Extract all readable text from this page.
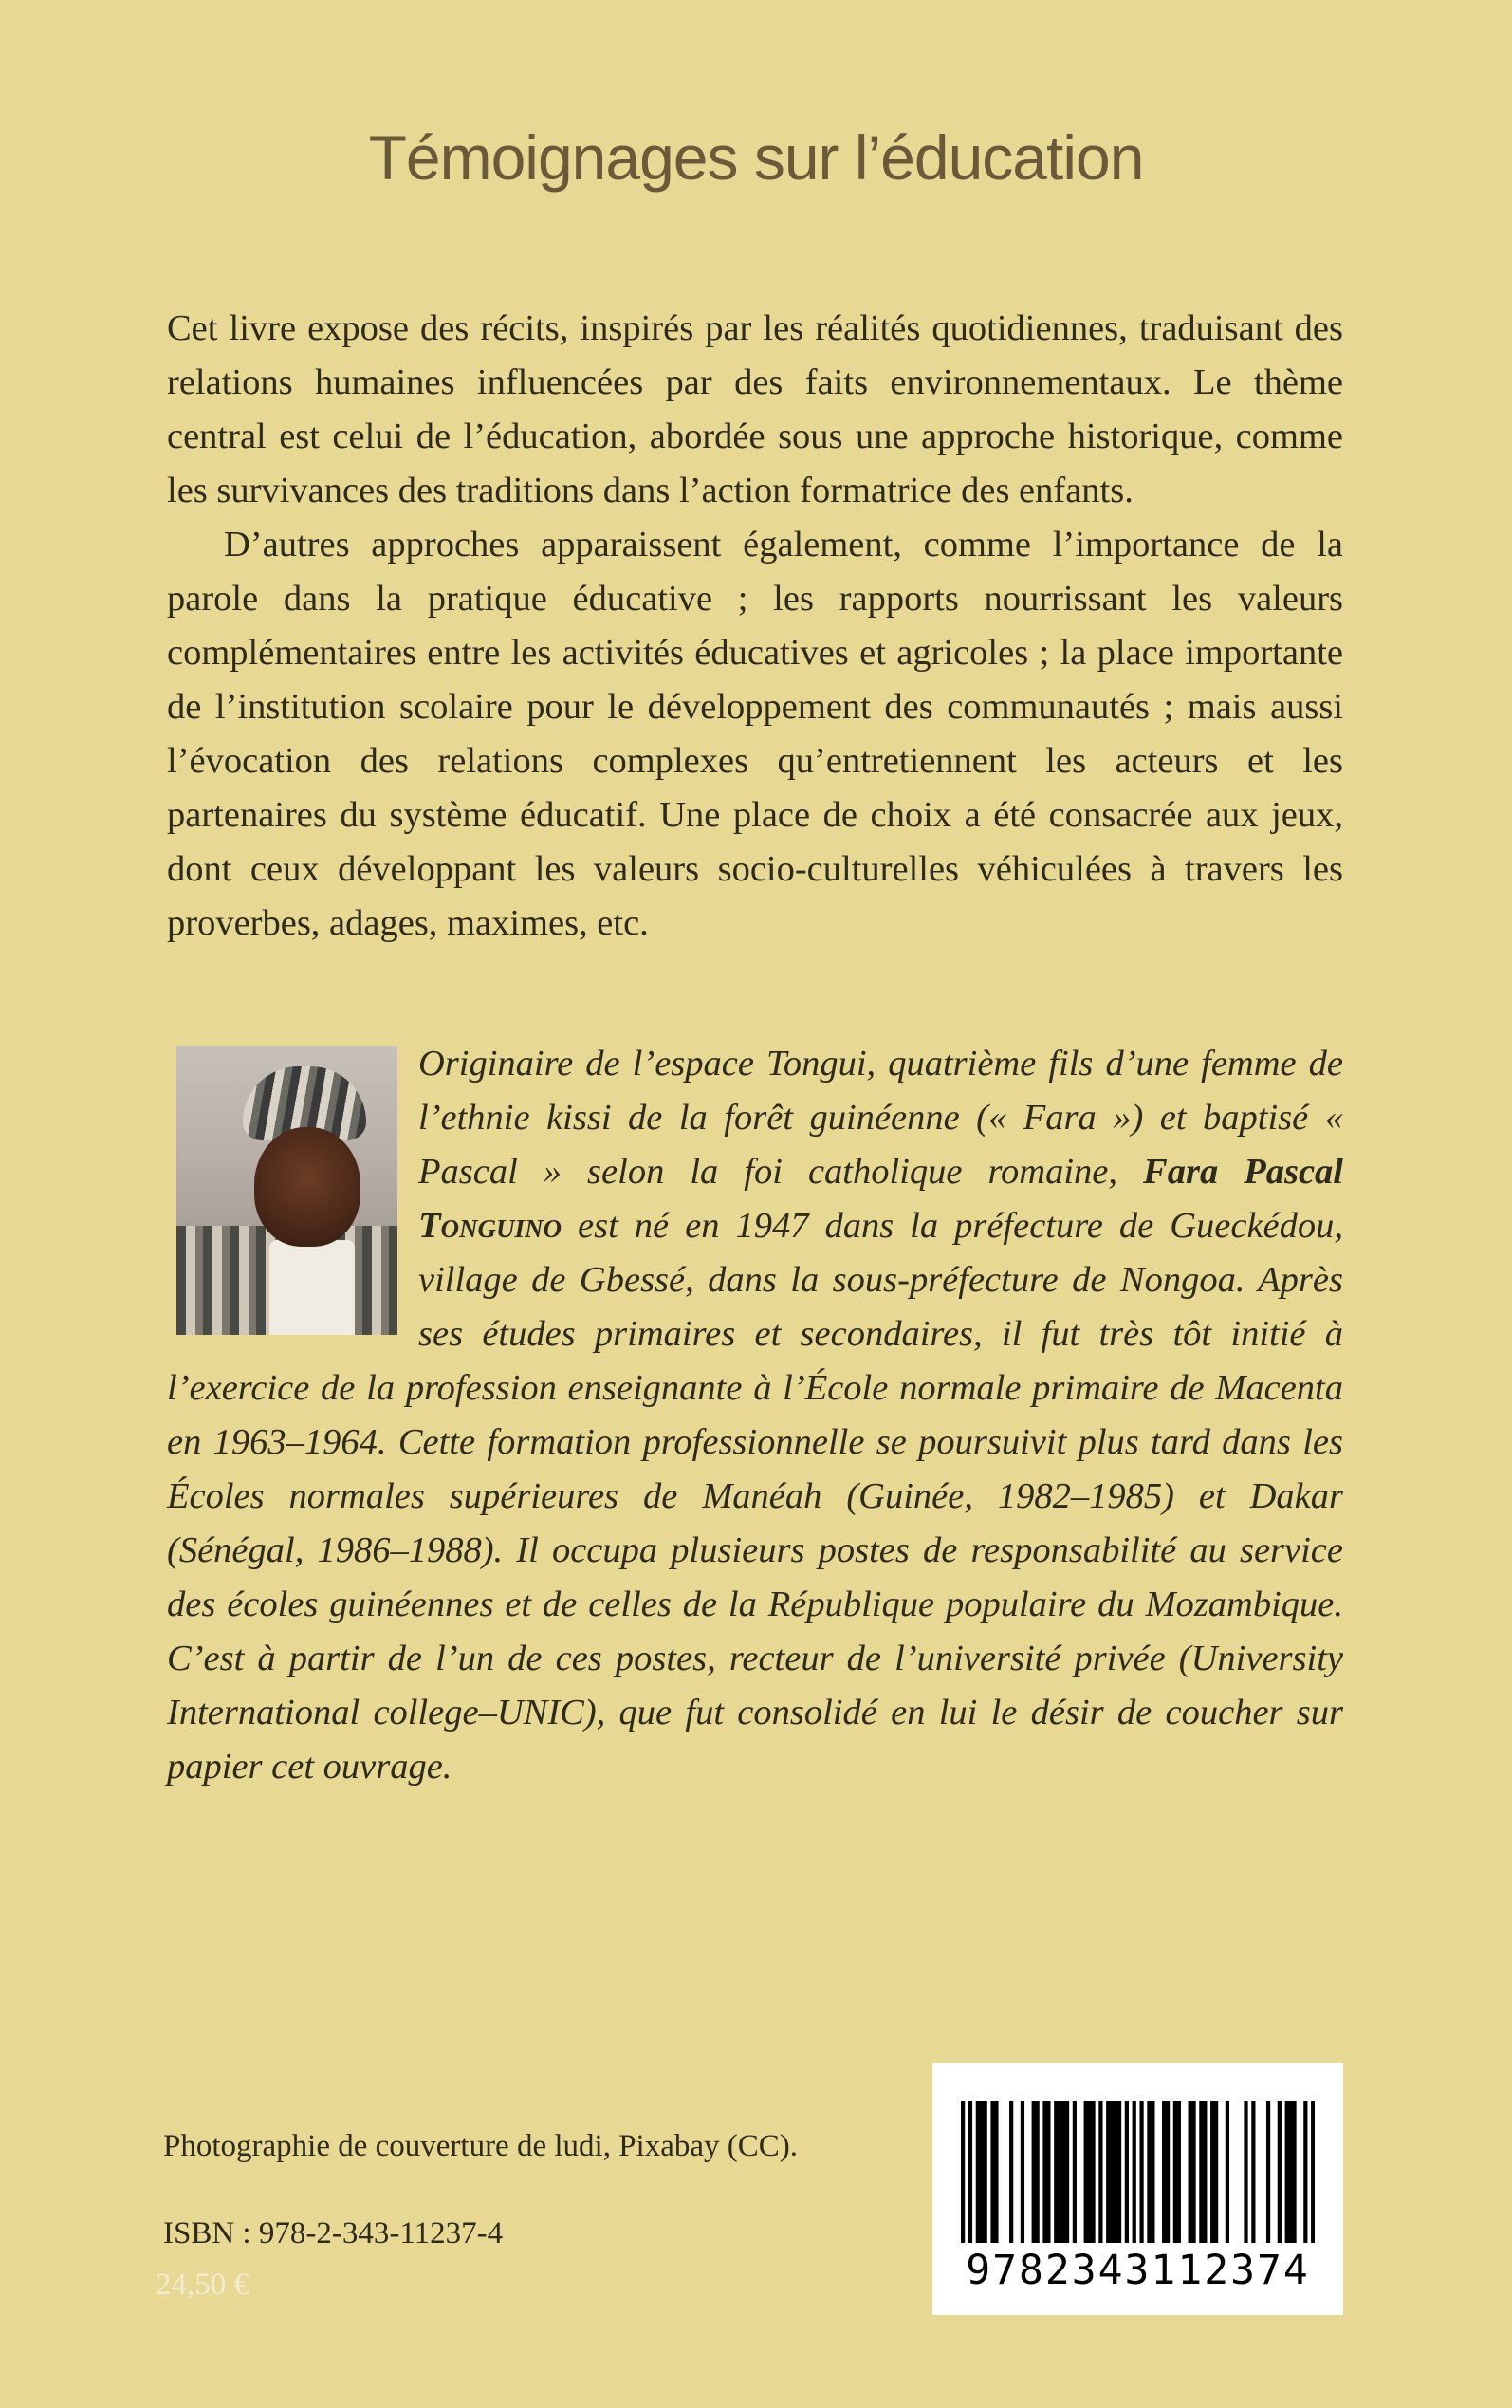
Témoignages sur l’éducation

Cet livre expose des récits, inspirés par les réalités quotidiennes, traduisant des relations humaines influencées par des faits environnementaux. Le thème central est celui de l’éducation, abordée sous une approche historique, comme les survivances des traditions dans l’action formatrice des enfants.

D’autres approches apparaissent également, comme l’importance de la parole dans la pratique éducative ; les rapports nourrissant les valeurs complémentaires entre les activités éducatives et agricoles ; la place importante de l’institution scolaire pour le développement des communautés ; mais aussi l’évocation des relations complexes qu’entretiennent les acteurs et les partenaires du système éducatif. Une place de choix a été consacrée aux jeux, dont ceux développant les valeurs socio-culturelles véhiculées à travers les proverbes, adages, maximes, etc.

Originaire de l’espace Tongui, quatrième fils d’une femme de l’ethnie kissi de la forêt guinéenne (« Fara ») et baptisé « Pascal » selon la foi catholique romaine, Fara Pascal Tonguino est né en 1947 dans la préfecture de Gueckédou, village de Gbessé, dans la sous-préfecture de Nongoa. Après ses études primaires et secondaires, il fut très tôt initié à l’exercice de la profession enseignante à l’École normale primaire de Macenta en 1963–1964. Cette formation professionnelle se poursuivit plus tard dans les Écoles normales supérieures de Manéah (Guinée, 1982–1985) et Dakar (Sénégal, 1986–1988). Il occupa plusieurs postes de responsabilité au service des écoles guinéennes et de celles de la République populaire du Mozambique. C’est à partir de l’un de ces postes, recteur de l’université privée (University International college–UNIC), que fut consolidé en lui le désir de coucher sur papier cet ouvrage.
Photographie de couverture de ludi, Pixabay (CC).
ISBN : 978-2-343-11237-4
24,50 €	9782343112374
